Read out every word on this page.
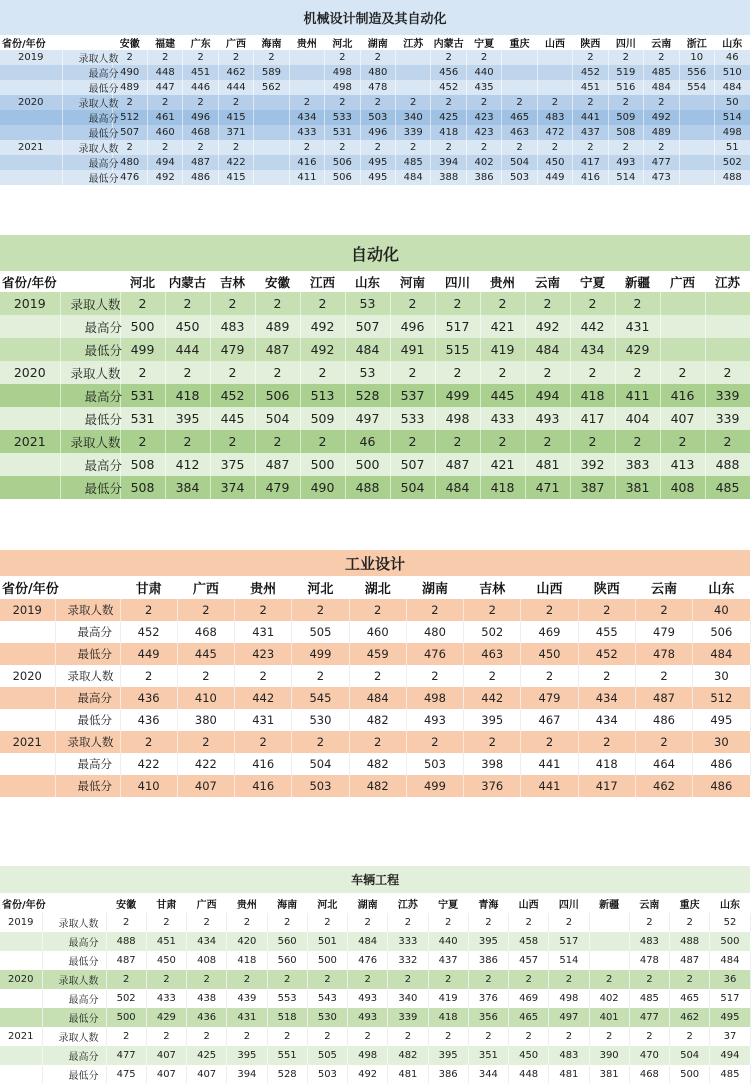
机械设计制造及其自动化																			
省份/年份		安徽	福建	广东	广西	海南	贵州	河北	湖南	江苏	内蒙古	宁夏	重庆	山西	陕西	四川	云南	浙江	山东
2019	录取人数	2	2	2	2	2		2	2		2	2			2	2	2	10	46
	最高分	490	448	451	462	589		498	480		456	440			452	519	485	556	510
	最低分	489	447	446	444	562		498	478		452	435			451	516	484	554	484
2020	录取人数	2	2	2	2		2	2	2	2	2	2	2	2	2	2	2		50
	最高分	512	461	496	415		434	533	503	340	425	423	465	483	441	509	492		514
	最低分	507	460	468	371		433	531	496	339	418	423	463	472	437	508	489		498
2021	录取人数	2	2	2	2		2	2	2	2	2	2	2	2	2	2	2		51
	最高分	480	494	487	422		416	506	495	485	394	402	504	450	417	493	477		502
	最低分	476	492	486	415		411	506	495	484	388	386	503	449	416	514	473		488
自动化															
省份/年份		河北	内蒙古	吉林	安徽	江西	山东	河南	四川	贵州	云南	宁夏	新疆	广西	江苏
2019	录取人数	2	2	2	2	2	53	2	2	2	2	2	2		
	最高分	500	450	483	489	492	507	496	517	421	492	442	431		
	最低分	499	444	479	487	492	484	491	515	419	484	434	429		
2020	录取人数	2	2	2	2	2	53	2	2	2	2	2	2	2	2
	最高分	531	418	452	506	513	528	537	499	445	494	418	411	416	339
	最低分	531	395	445	504	509	497	533	498	433	493	417	404	407	339
2021	录取人数	2	2	2	2	2	46	2	2	2	2	2	2	2	2
	最高分	508	412	375	487	500	500	507	487	421	481	392	383	413	488
	最低分	508	384	374	479	490	488	504	484	418	471	387	381	408	485
工业设计												
省份/年份		甘肃	广西	贵州	河北	湖北	湖南	吉林	山西	陕西	云南	山东
2019	录取人数	2	2	2	2	2	2	2	2	2	2	40
	最高分	452	468	431	505	460	480	502	469	455	479	506
	最低分	449	445	423	499	459	476	463	450	452	478	484
2020	录取人数	2	2	2	2	2	2	2	2	2	2	30
	最高分	436	410	442	545	484	498	442	479	434	487	512
	最低分	436	380	431	530	482	493	395	467	434	486	495
2021	录取人数	2	2	2	2	2	2	2	2	2	2	30
	最高分	422	422	416	504	482	503	398	441	418	464	486
	最低分	410	407	416	503	482	499	376	441	417	462	486
车辆工程																	
省份/年份		安徽	甘肃	广西	贵州	海南	河北	湖南	江苏	宁夏	青海	山西	四川	新疆	云南	重庆	山东
2019	录取人数	2	2	2	2	2	2	2	2	2	2	2	2		2	2	52
	最高分	488	451	434	420	560	501	484	333	440	395	458	517		483	488	500
	最低分	487	450	408	418	560	500	476	332	437	386	457	514		478	487	484
2020	录取人数	2	2	2	2	2	2	2	2	2	2	2	2	2	2	2	36
	最高分	502	433	438	439	553	543	493	340	419	376	469	498	402	485	465	517
	最低分	500	429	436	431	518	530	493	339	418	356	465	497	401	477	462	495
2021	录取人数	2	2	2	2	2	2	2	2	2	2	2	2	2	2	2	37
	最高分	477	407	425	395	551	505	498	482	395	351	450	483	390	470	504	494
	最低分	475	407	407	394	528	503	492	481	386	344	448	481	381	468	500	485
